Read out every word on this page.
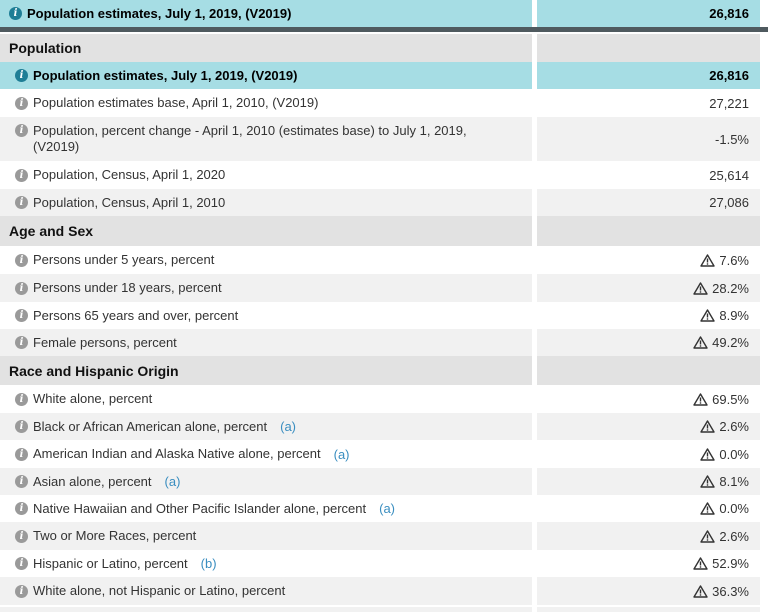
i Population estimates, July 1, 2019, (V2019)	26,816
Population
i Population estimates, July 1, 2019, (V2019)	26,816
i Population estimates base, April 1, 2010, (V2019)	27,221
i Population, percent change - April 1, 2010 (estimates base) to July 1, 2019, (V2019)	-1.5%
i Population, Census, April 1, 2020	25,614
i Population, Census, April 1, 2010	27,086
Age and Sex
i Persons under 5 years, percent	7.6%
i Persons under 18 years, percent	28.2%
i Persons 65 years and over, percent	8.9%
i Female persons, percent	49.2%
Race and Hispanic Origin
i White alone, percent	69.5%
i Black or African American alone, percent (a)	2.6%
i American Indian and Alaska Native alone, percent (a)	0.0%
i Asian alone, percent (a)	8.1%
i Native Hawaiian and Other Pacific Islander alone, percent (a)	0.0%
i Two or More Races, percent	2.6%
i Hispanic or Latino, percent (b)	52.9%
i White alone, not Hispanic or Latino, percent	36.3%
